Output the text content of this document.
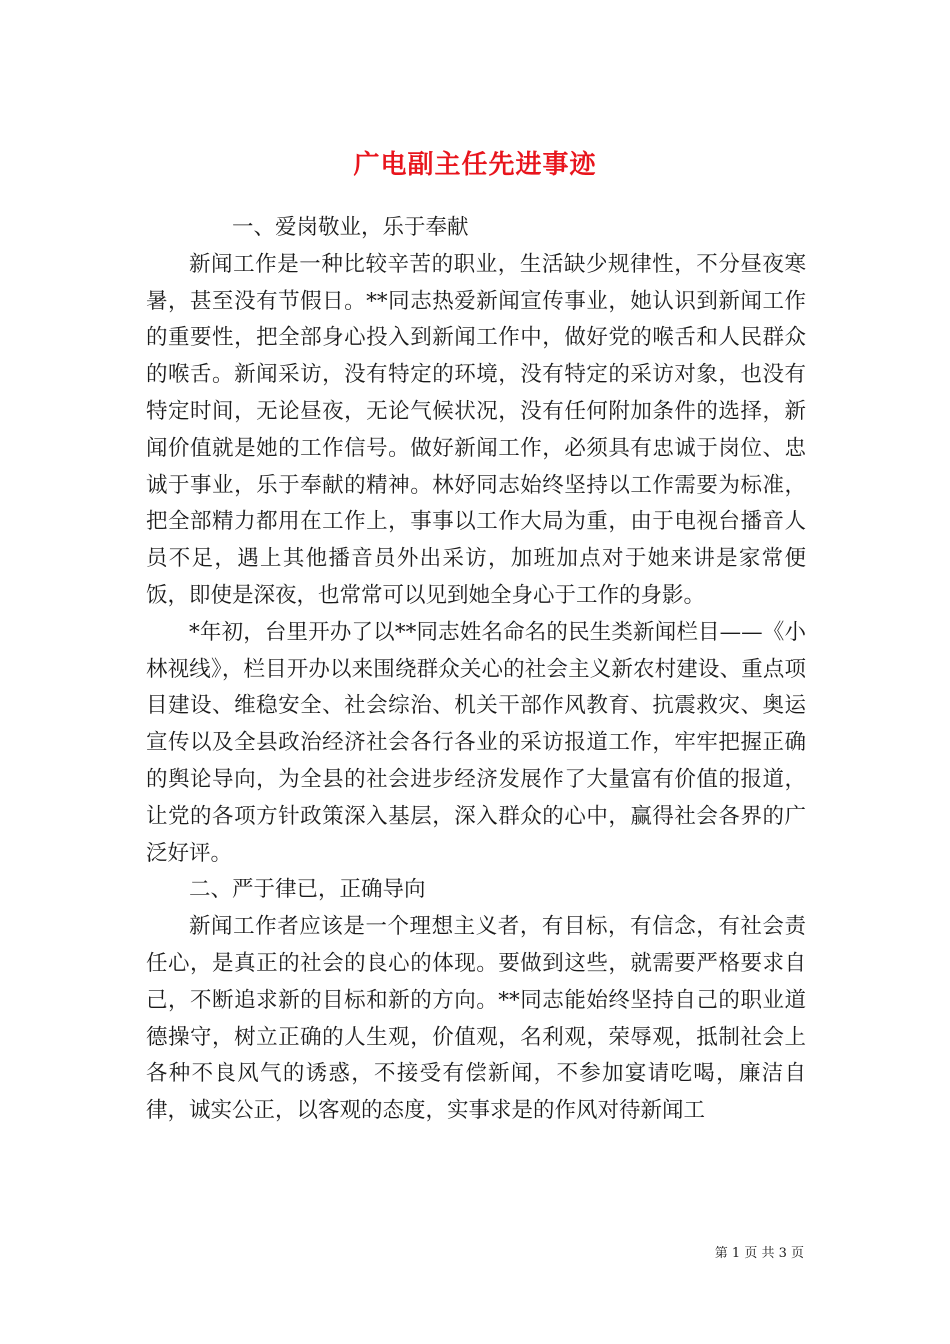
广电副主任先进事迹

一、爱岗敬业，乐于奉献

新闻工作是一种比较辛苦的职业，生活缺少规律性，不分昼夜寒暑，甚至没有节假日。**同志热爱新闻宣传事业，她认识到新闻工作的重要性，把全部身心投入到新闻工作中，做好党的喉舌和人民群众的喉舌。新闻采访，没有特定的环境，没有特定的采访对象，也没有特定时间，无论昼夜，无论气候状况，没有任何附加条件的选择，新闻价值就是她的工作信号。做好新闻工作，必须具有忠诚于岗位、忠诚于事业，乐于奉献的精神。林妤同志始终坚持以工作需要为标准，把全部精力都用在工作上，事事以工作大局为重，由于电视台播音人员不足，遇上其他播音员外出采访，加班加点对于她来讲是家常便饭，即使是深夜，也常常可以见到她全身心于工作的身影。

*年初，台里开办了以**同志姓名命名的民生类新闻栏目——《小林视线》，栏目开办以来围绕群众关心的社会主义新农村建设、重点项目建设、维稳安全、社会综治、机关干部作风教育、抗震救灾、奥运宣传以及全县政治经济社会各行各业的采访报道工作，牢牢把握正确的舆论导向，为全县的社会进步经济发展作了大量富有价值的报道，让党的各项方针政策深入基层，深入群众的心中，赢得社会各界的广泛好评。

二、严于律已，正确导向

新闻工作者应该是一个理想主义者，有目标，有信念，有社会责任心，是真正的社会的良心的体现。要做到这些，就需要严格要求自己，不断追求新的目标和新的方向。**同志能始终坚持自己的职业道德操守，树立正确的人生观，价值观，名利观，荣辱观，抵制社会上各种不良风气的诱惑，不接受有偿新闻，不参加宴请吃喝，廉洁自律，诚实公正，以客观的态度，实事求是的作风对待新闻工

第 1 页 共 3 页
